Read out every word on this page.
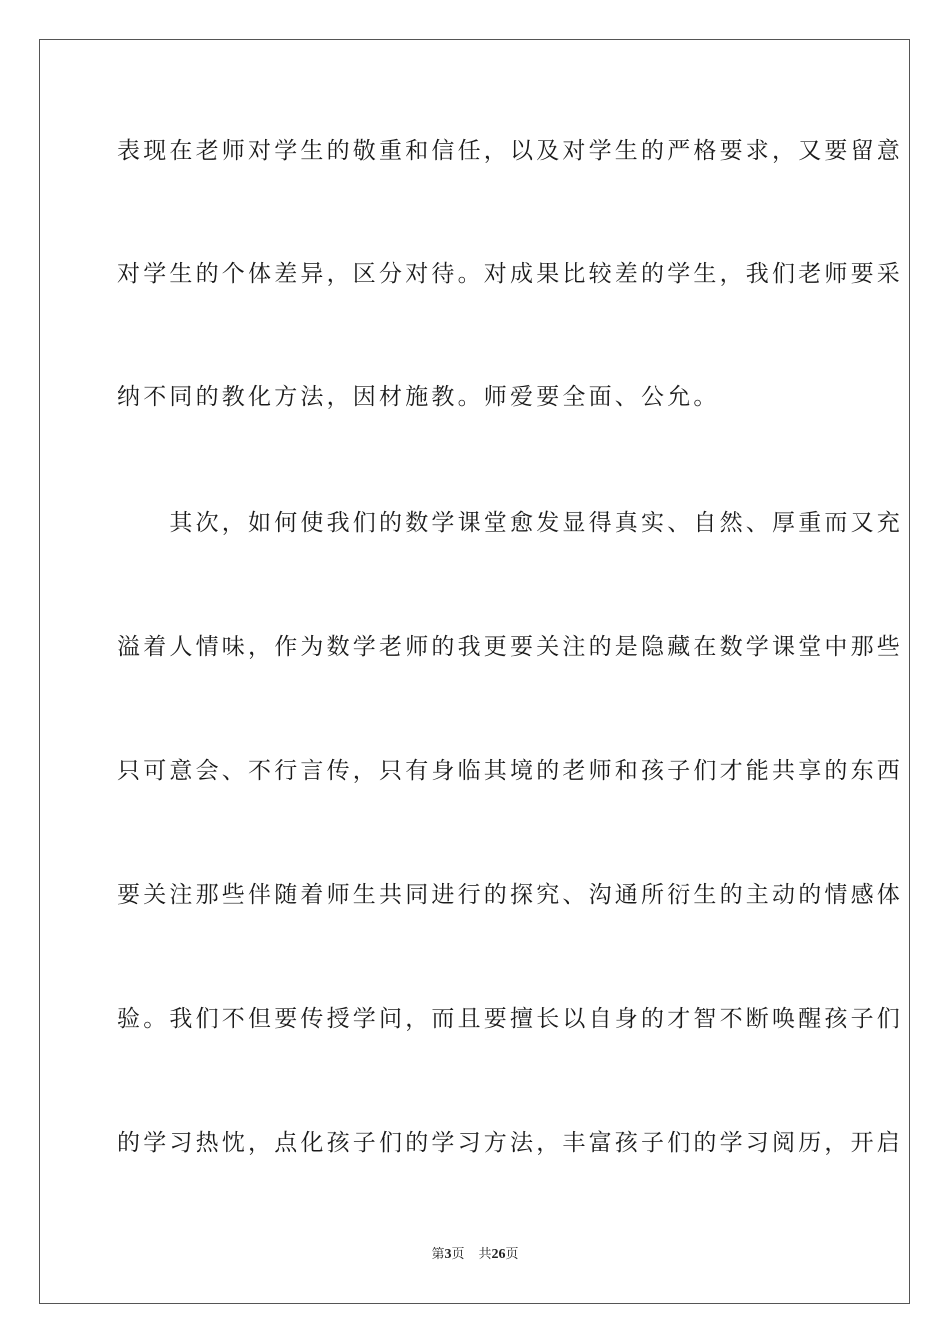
表现在老师对学生的敬重和信任，以及对学生的严格要求，又要留意
对学生的个体差异，区分对待。对成果比较差的学生，我们老师要采
纳不同的教化方法，因材施教。师爱要全面、公允。
　　其次，如何使我们的数学课堂愈发显得真实、自然、厚重而又充
溢着人情味，作为数学老师的我更要关注的是隐藏在数学课堂中那些
只可意会、不行言传，只有身临其境的老师和孩子们才能共享的东西
要关注那些伴随着师生共同进行的探究、沟通所衍生的主动的情感体
验。我们不但要传授学问，而且要擅长以自身的才智不断唤醒孩子们
的学习热忱，点化孩子们的学习方法，丰富孩子们的学习阅历，开启
第3页 共26页
